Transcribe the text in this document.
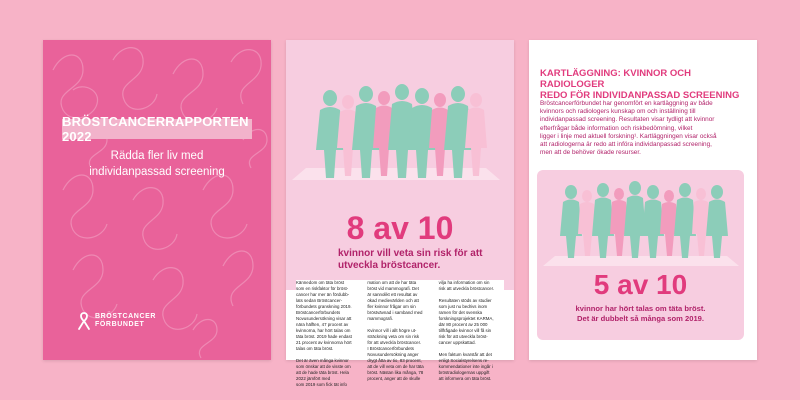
BRÖSTCANCERRAPPORTEN 2022
Rädda fler liv med
individanpassad screening
BRÖSTCANCER
FÖRBUNDET
8 av 10
kvinnor vill veta sin risk för att
utveckla bröstcancer.
Kännedom om täta bröst
som en riskfaktor för bröst-
cancer har mer än fördubb-
lats sedan Bröstcancer-
förbundets granskning 2019.
Bröstcancerförbundets
Novusundersökning visar att
nära hälften, 47 procent av
kvinnorna, har hört talas om
täta bröst. 2019 hade endast
21 procent av kvinnorna hört
talas om täta bröst.

Det är även många kvinnor
som önskar att de visste om
att de hade täta bröst. Hela
2022 jämfört med
som 2019 som fick tät info
mation om att de har täta
bröst vid mammografi. Det
är sannolikt ett resultat av
ökad medievärlden och att
fler kvinnor frågar om sin
bröstvävnad i samband med
mammografi.

Kvinnor vill i allt högre ut-
sträckning veta om sin risk
för att utveckla bröstcancer.
I Bröstcancerförbundets
Novusundersökning anger
drygt åtta av tio, 83 procent,
att de vill veta om de har täta
bröst. Nästan lika många, 78
procent, anger att de skulle
vilja ha information om sin
risk att utveckla bröstcancer.

Resultaten stöds av studier
som just nu bedrivs inom
ramen för det svenska
forskningsprojektet KARMA,
där 80 procent av 25 000
tillfrågade kvinnor vill få sin
risk för att utveckla bröst-
cancer uppskattad.

Men faktum kvarstår att det
enligt Socialstyrelsens re-
kommendationer inte ingår i
bröstradiologernas uppgift
att informera om täta bröst.
KARTLÄGGNING: KVINNOR OCH RADIOLOGER
REDO FÖR INDIVIDANPASSAD SCREENING
Bröstcancerförbundet har genomfört en kartläggning av både
kvinnors och radiologers kunskap om och inställning till
individanpassad screening. Resultaten visar tydligt att kvinnor
efterfrågar både information och riskbedömning, vilket
ligger i linje med aktuell forskning¹. Kartläggningen visar också
att radiologerna är redo att införa individanpassad screening,
men att de behöver ökade resurser.
5 av 10
kvinnor har hört talas om täta bröst.
Det är dubbelt så många som 2019.
